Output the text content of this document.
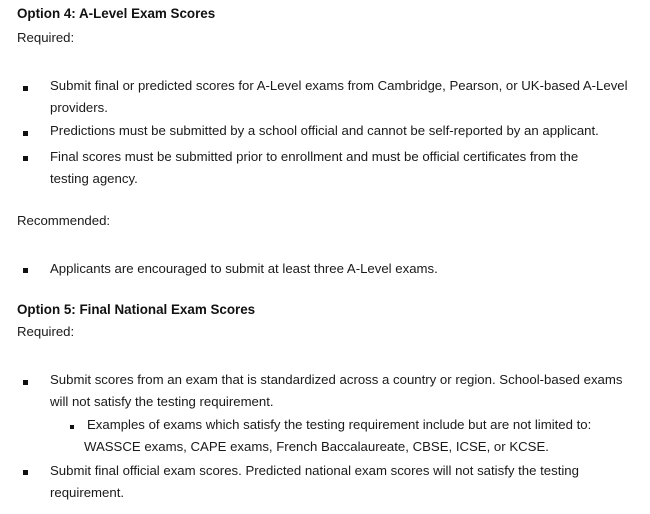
Option 4: A-Level Exam Scores
Required:
Submit final or predicted scores for A-Level exams from Cambridge, Pearson, or UK-based A-Level
providers.
Predictions must be submitted by a school official and cannot be self-reported by an applicant.
Final scores must be submitted prior to enrollment and must be official certificates from the
testing agency.
Recommended:
Applicants are encouraged to submit at least three A-Level exams.
Option 5: Final National Exam Scores
Required:
Submit scores from an exam that is standardized across a country or region. School-based exams
will not satisfy the testing requirement.
Examples of exams which satisfy the testing requirement include but are not limited to:
WASSCE exams, CAPE exams, French Baccalaureate, CBSE, ICSE, or KCSE.
Submit final official exam scores. Predicted national exam scores will not satisfy the testing
requirement.
